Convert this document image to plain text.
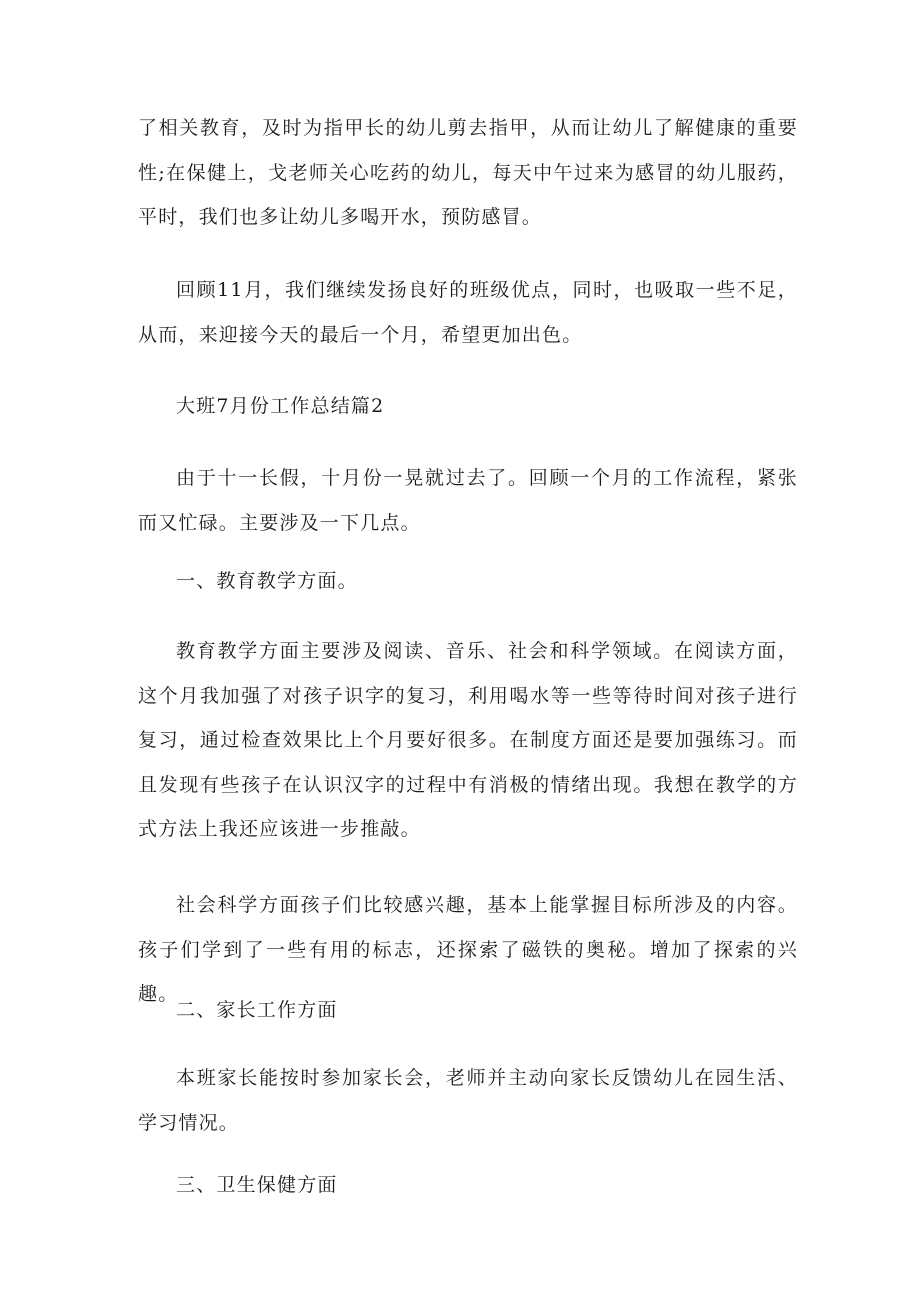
了相关教育，及时为指甲长的幼儿剪去指甲，从而让幼儿了解健康的重要性;在保健上，戈老师关心吃药的幼儿，每天中午过来为感冒的幼儿服药，平时，我们也多让幼儿多喝开水，预防感冒。

回顾11月，我们继续发扬良好的班级优点，同时，也吸取一些不足，从而，来迎接今天的最后一个月，希望更加出色。

大班7月份工作总结篇2

由于十一长假，十月份一晃就过去了。回顾一个月的工作流程，紧张而又忙碌。主要涉及一下几点。

一、教育教学方面。

教育教学方面主要涉及阅读、音乐、社会和科学领域。在阅读方面，这个月我加强了对孩子识字的复习，利用喝水等一些等待时间对孩子进行复习，通过检查效果比上个月要好很多。在制度方面还是要加强练习。而且发现有些孩子在认识汉字的过程中有消极的情绪出现。我想在教学的方式方法上我还应该进一步推敲。

社会科学方面孩子们比较感兴趣，基本上能掌握目标所涉及的内容。孩子们学到了一些有用的标志，还探索了磁铁的奥秘。增加了探索的兴趣。

二、家长工作方面

本班家长能按时参加家长会，老师并主动向家长反馈幼儿在园生活、学习情况。

三、卫生保健方面
